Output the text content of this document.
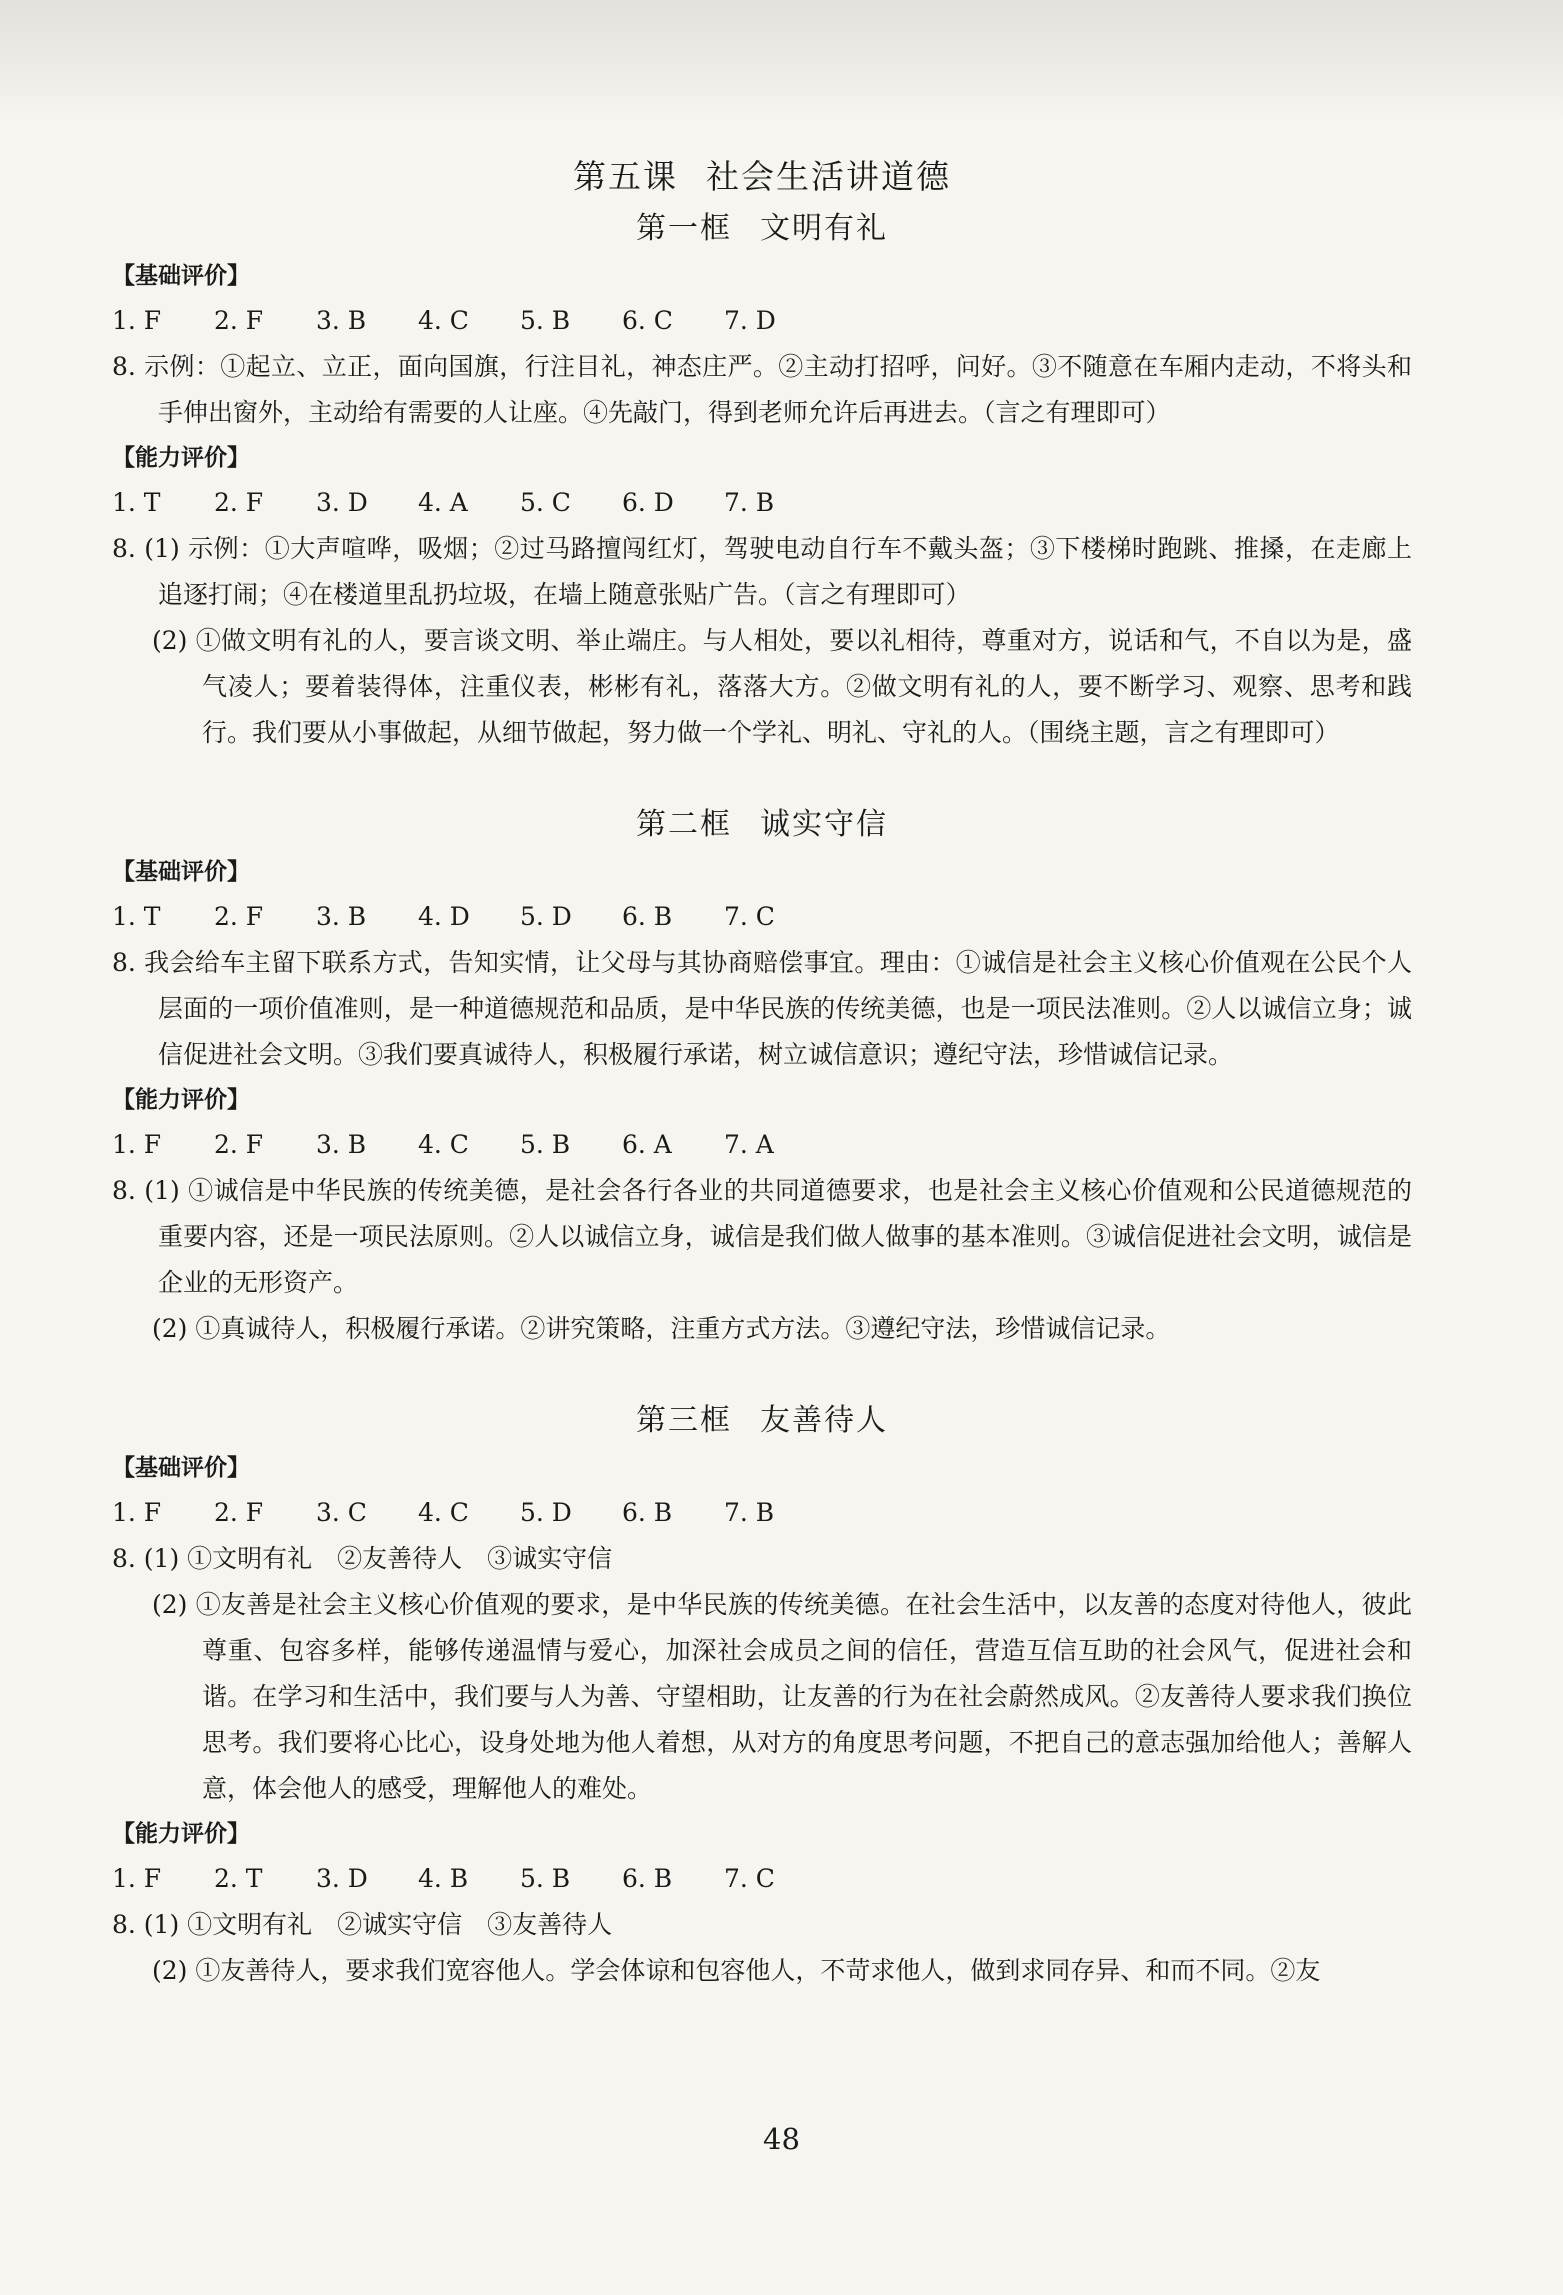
第五课 社会生活讲道德
第一框 文明有礼
【基础评价】
1. F 2. F 3. B 4. C 5. B 6. C 7. D

8. 示例：①起立、立正，面向国旗，行注目礼，神态庄严。②主动打招呼，问好。③不随意在车厢内走动，不将头和手伸出窗外，主动给有需要的人让座。④先敲门，得到老师允许后再进去。（言之有理即可）

【能力评价】
1. T 2. F 3. D 4. A 5. C 6. D 7. B

8. (1) 示例：①大声喧哗，吸烟；②过马路擅闯红灯，驾驶电动自行车不戴头盔；③下楼梯时跑跳、推搡，在走廊上追逐打闹；④在楼道里乱扔垃圾，在墙上随意张贴广告。（言之有理即可）

(2) ①做文明有礼的人，要言谈文明、举止端庄。与人相处，要以礼相待，尊重对方，说话和气，不自以为是，盛气凌人；要着装得体，注重仪表，彬彬有礼，落落大方。②做文明有礼的人，要不断学习、观察、思考和践行。我们要从小事做起，从细节做起，努力做一个学礼、明礼、守礼的人。（围绕主题，言之有理即可）

第二框 诚实守信
【基础评价】
1. T 2. F 3. B 4. D 5. D 6. B 7. C

8. 我会给车主留下联系方式，告知实情，让父母与其协商赔偿事宜。理由：①诚信是社会主义核心价值观在公民个人层面的一项价值准则，是一种道德规范和品质，是中华民族的传统美德，也是一项民法准则。②人以诚信立身；诚信促进社会文明。③我们要真诚待人，积极履行承诺，树立诚信意识；遵纪守法，珍惜诚信记录。

【能力评价】
1. F 2. F 3. B 4. C 5. B 6. A 7. A

8. (1) ①诚信是中华民族的传统美德，是社会各行各业的共同道德要求，也是社会主义核心价值观和公民道德规范的重要内容，还是一项民法原则。②人以诚信立身，诚信是我们做人做事的基本准则。③诚信促进社会文明，诚信是企业的无形资产。

(2) ①真诚待人，积极履行承诺。②讲究策略，注重方式方法。③遵纪守法，珍惜诚信记录。

第三框 友善待人
【基础评价】
1. F 2. F 3. C 4. C 5. D 6. B 7. B

8. (1) ①文明有礼　②友善待人　③诚实守信

(2) ①友善是社会主义核心价值观的要求，是中华民族的传统美德。在社会生活中，以友善的态度对待他人，彼此尊重、包容多样，能够传递温情与爱心，加深社会成员之间的信任，营造互信互助的社会风气，促进社会和谐。在学习和生活中，我们要与人为善、守望相助，让友善的行为在社会蔚然成风。②友善待人要求我们换位思考。我们要将心比心，设身处地为他人着想，从对方的角度思考问题，不把自己的意志强加给他人；善解人意，体会他人的感受，理解他人的难处。

【能力评价】
1. F 2. T 3. D 4. B 5. B 6. B 7. C

8. (1) ①文明有礼　②诚实守信　③友善待人

(2) ①友善待人，要求我们宽容他人。学会体谅和包容他人，不苛求他人，做到求同存异、和而不同。②友

48
